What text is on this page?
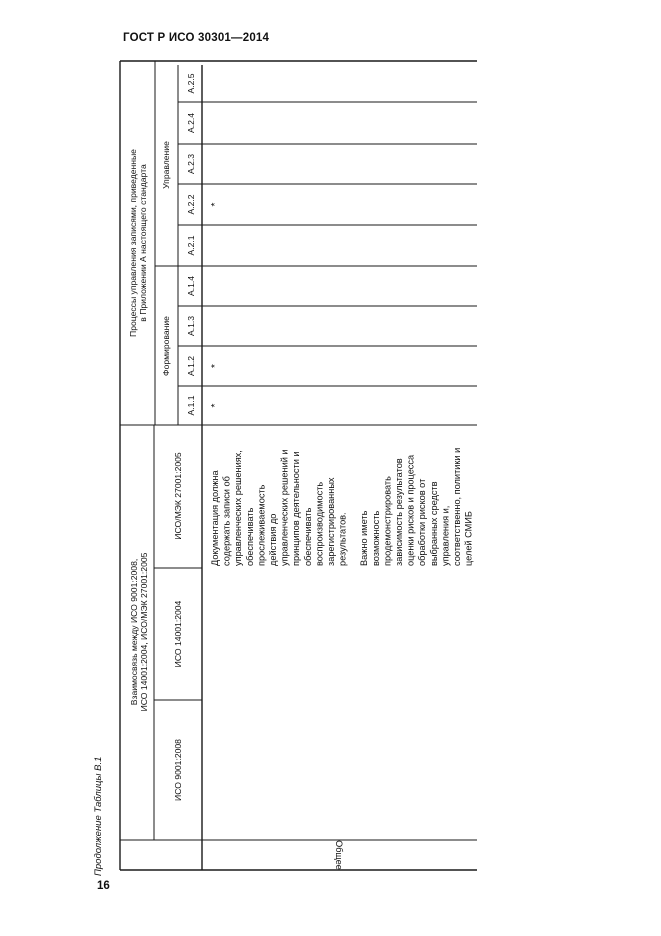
ГОСТ Р ИСО 30301—2014
16
Продолжение Таблицы B.1
Взаимосвязь между ИСО 9001:2008, ИСО 14001:2004, ИСО/МЭК 27001:2005
Процессы управления записями, приведенные в Приложении А настоящего стандарта
ИСО 9001:2008
ИСО 14001:2004
ИСО/МЭК 27001:2005
Формирование
Управление
Общее
А.1.1
А.1.2
А.1.3
А.1.4
А.2.1
А.2.2
А.2.3
А.2.4
А.2.5
*
*
*
Документация должна содержать записи об управленческих решениях, обеспечивать прослеживаемость действия до управленческих решений и принципов деятельности и обеспечивать воспроизводимость зарегистрированных результатов. Важно иметь возможность продемонстрировать зависимость результатов оценки рисков и процесса обработки рисков от выбранных средств управления и, соответственно, политики и целей СМИБ
